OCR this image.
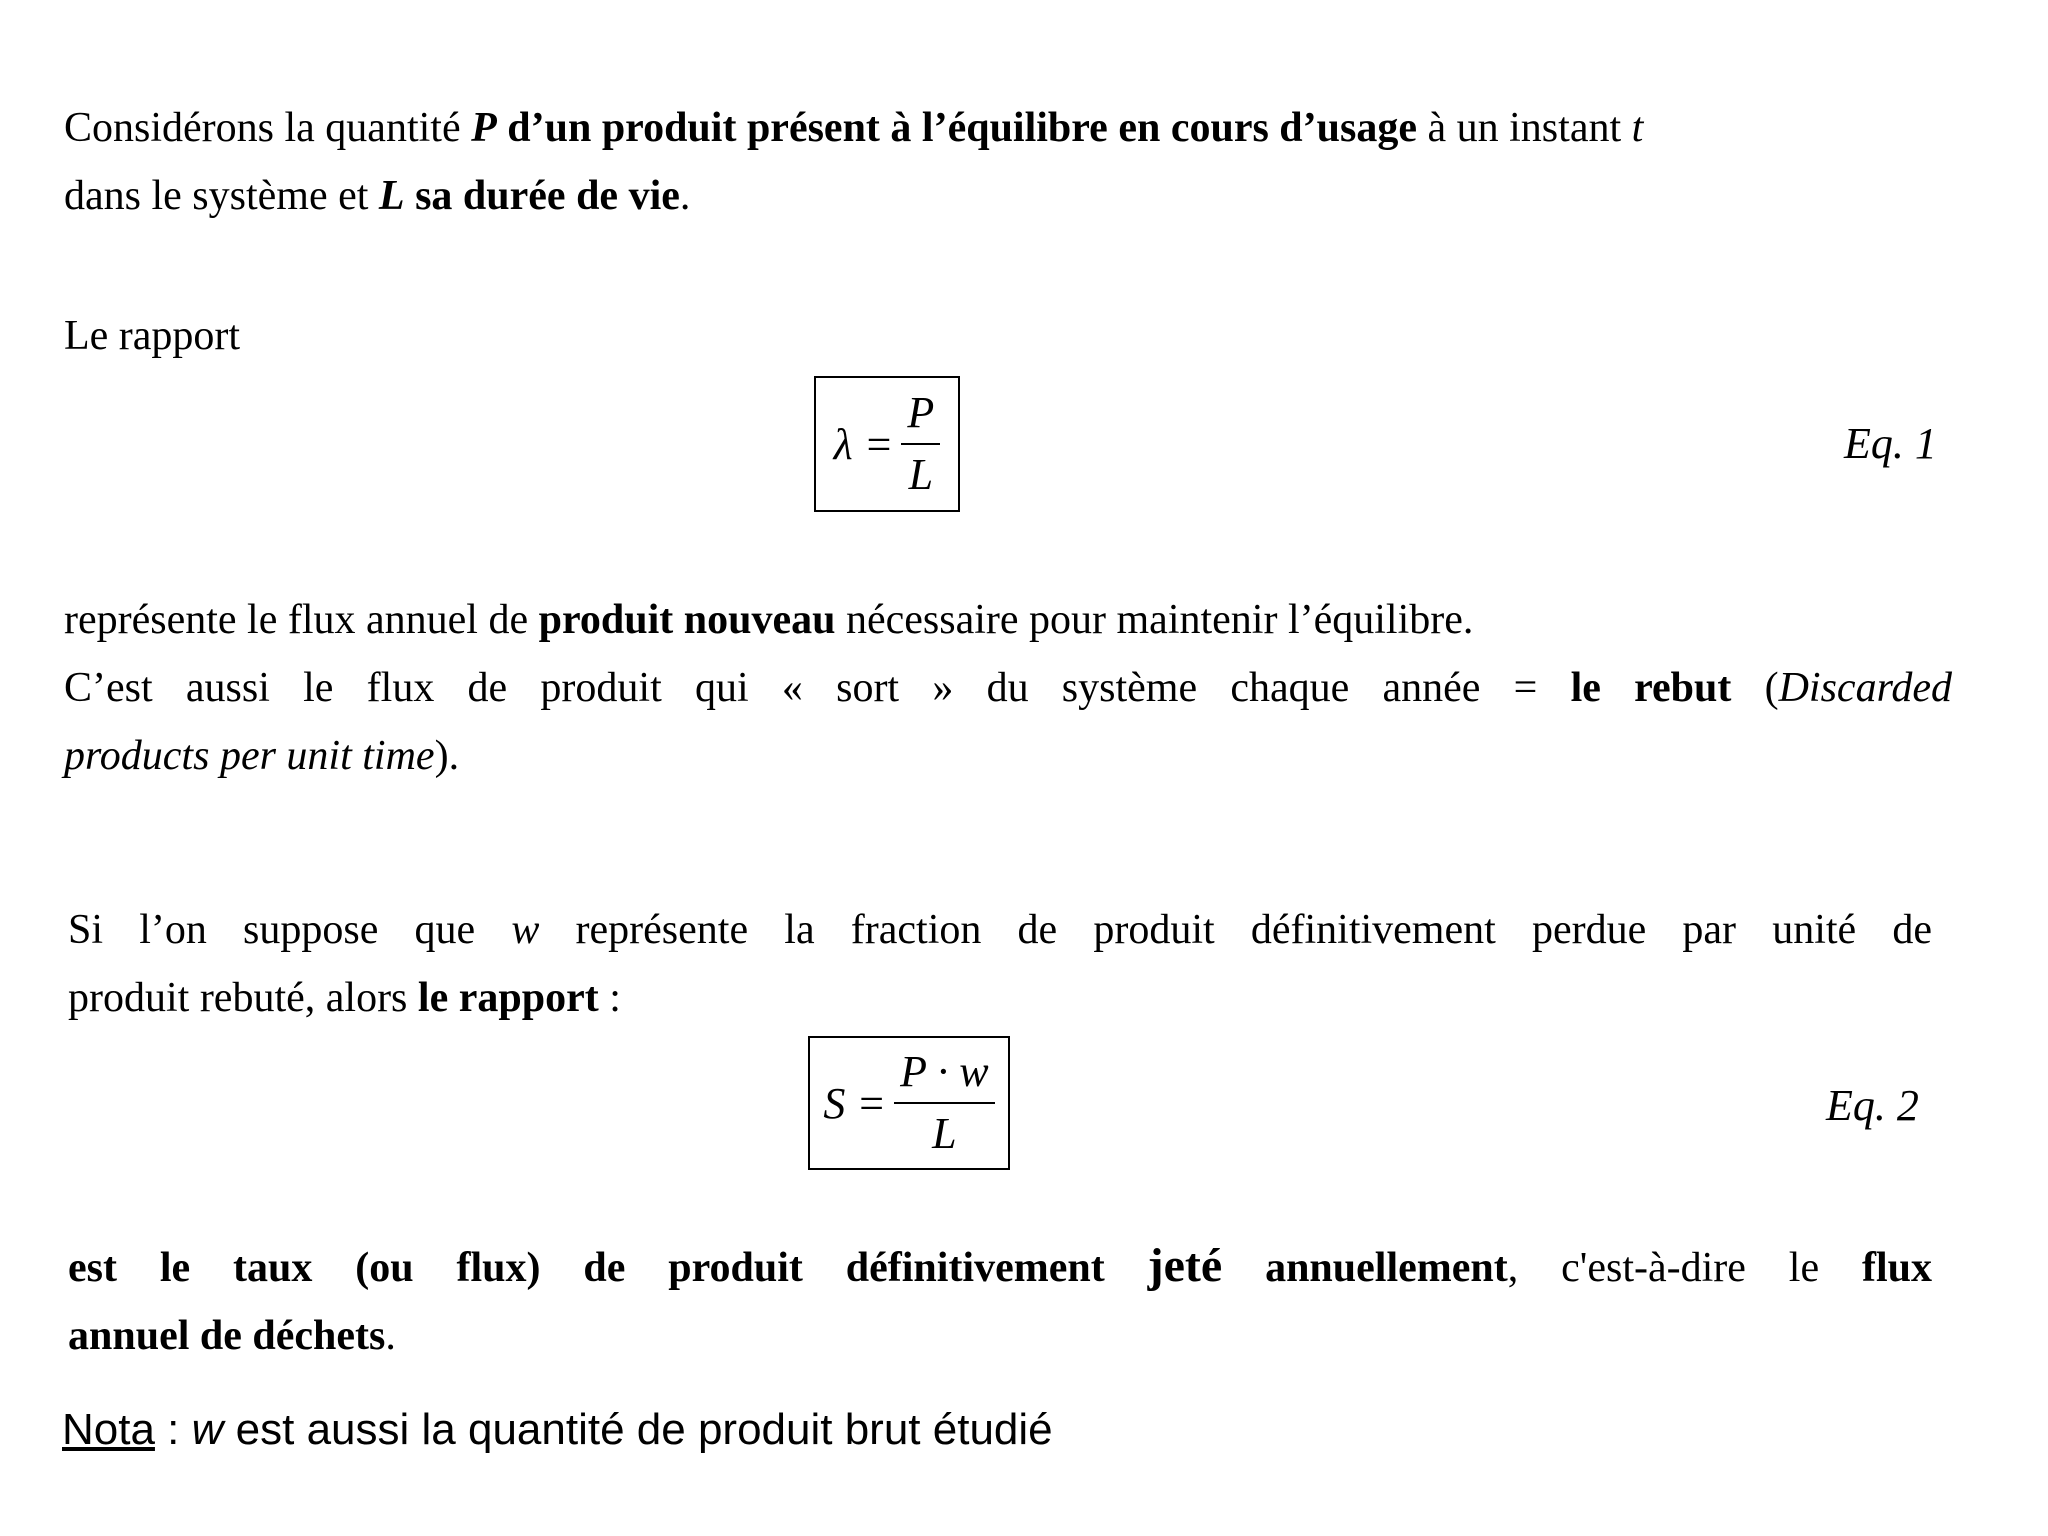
Considérons la quantité P d’un produit présent à l’équilibre en cours d’usage à un instant t

dans le système et L sa durée de vie.

Le rapport

$\lambda = \frac{P}{L}$	Eq. 1

représente le flux annuel de produit nouveau nécessaire pour maintenir l’équilibre.

C’est aussi le flux de produit qui « sort » du système chaque année = le rebut (Discarded

products per unit time).

Si l’on suppose que w représente la fraction de produit définitivement perdue par unité de

produit rebuté, alors le rapport :

$S = \frac{P \cdot w}{L}$	Eq. 2

est le taux (ou flux) de produit définitivement jeté annuellement, c'est-à-dire le flux

annuel de déchets.

Nota : w est aussi la quantité de produit brut étudié
